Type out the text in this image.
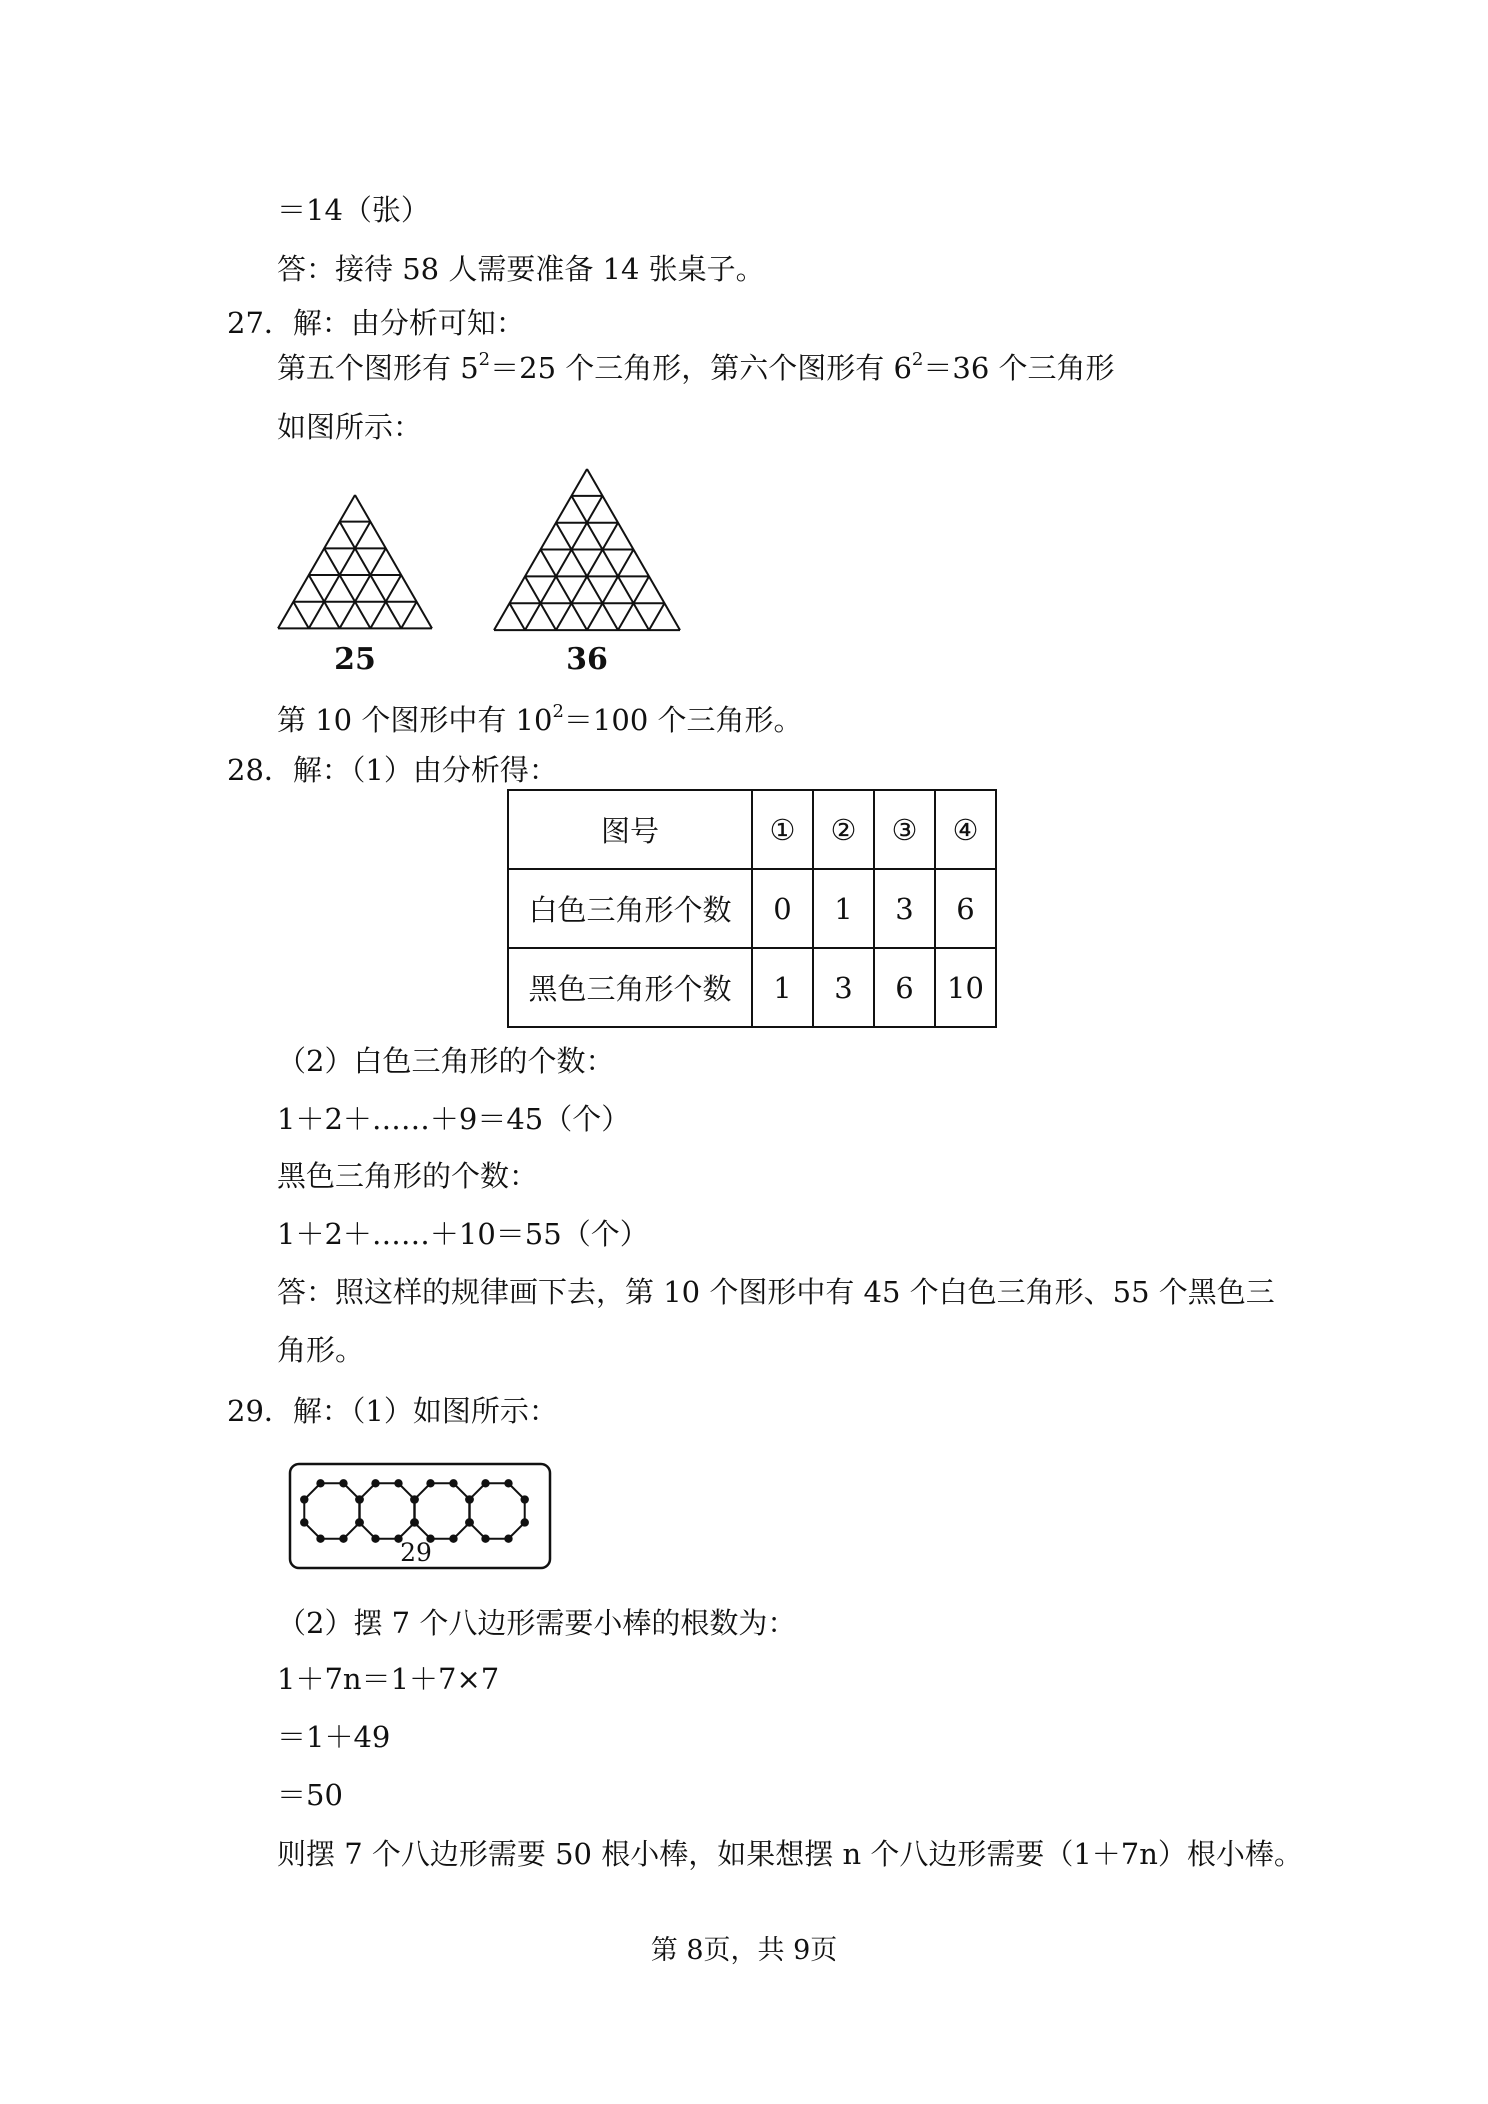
＝14（张）
答：接待 58 人需要准备 14 张桌子。
27．解：由分析可知：
第五个图形有 $5^2=25$ 个三角形，第六个图形有 $6^2=36$ 个三角形
如图所示：
25	36
第 10 个图形中有 $10^2=100$ 个三角形。
28．解：（1）由分析得：
图号	①	②	③	④
白色三角形个数	0	1	3	6
黑色三角形个数	1	3	6	10
（2）白色三角形的个数：
1＋2＋……＋9＝45（个）
黑色三角形的个数：
1＋2＋……＋10＝55（个）
答：照这样的规律画下去，第 10 个图形中有 45 个白色三角形、55 个黑色三
角形。
29．解：（1）如图所示：
29
（2）摆 7 个八边形需要小棒的根数为：
1＋7n＝1＋7×7
＝1＋49
＝50
则摆 7 个八边形需要 50 根小棒，如果想摆 n 个八边形需要（1＋7n）根小棒。
第 8页，共 9页
